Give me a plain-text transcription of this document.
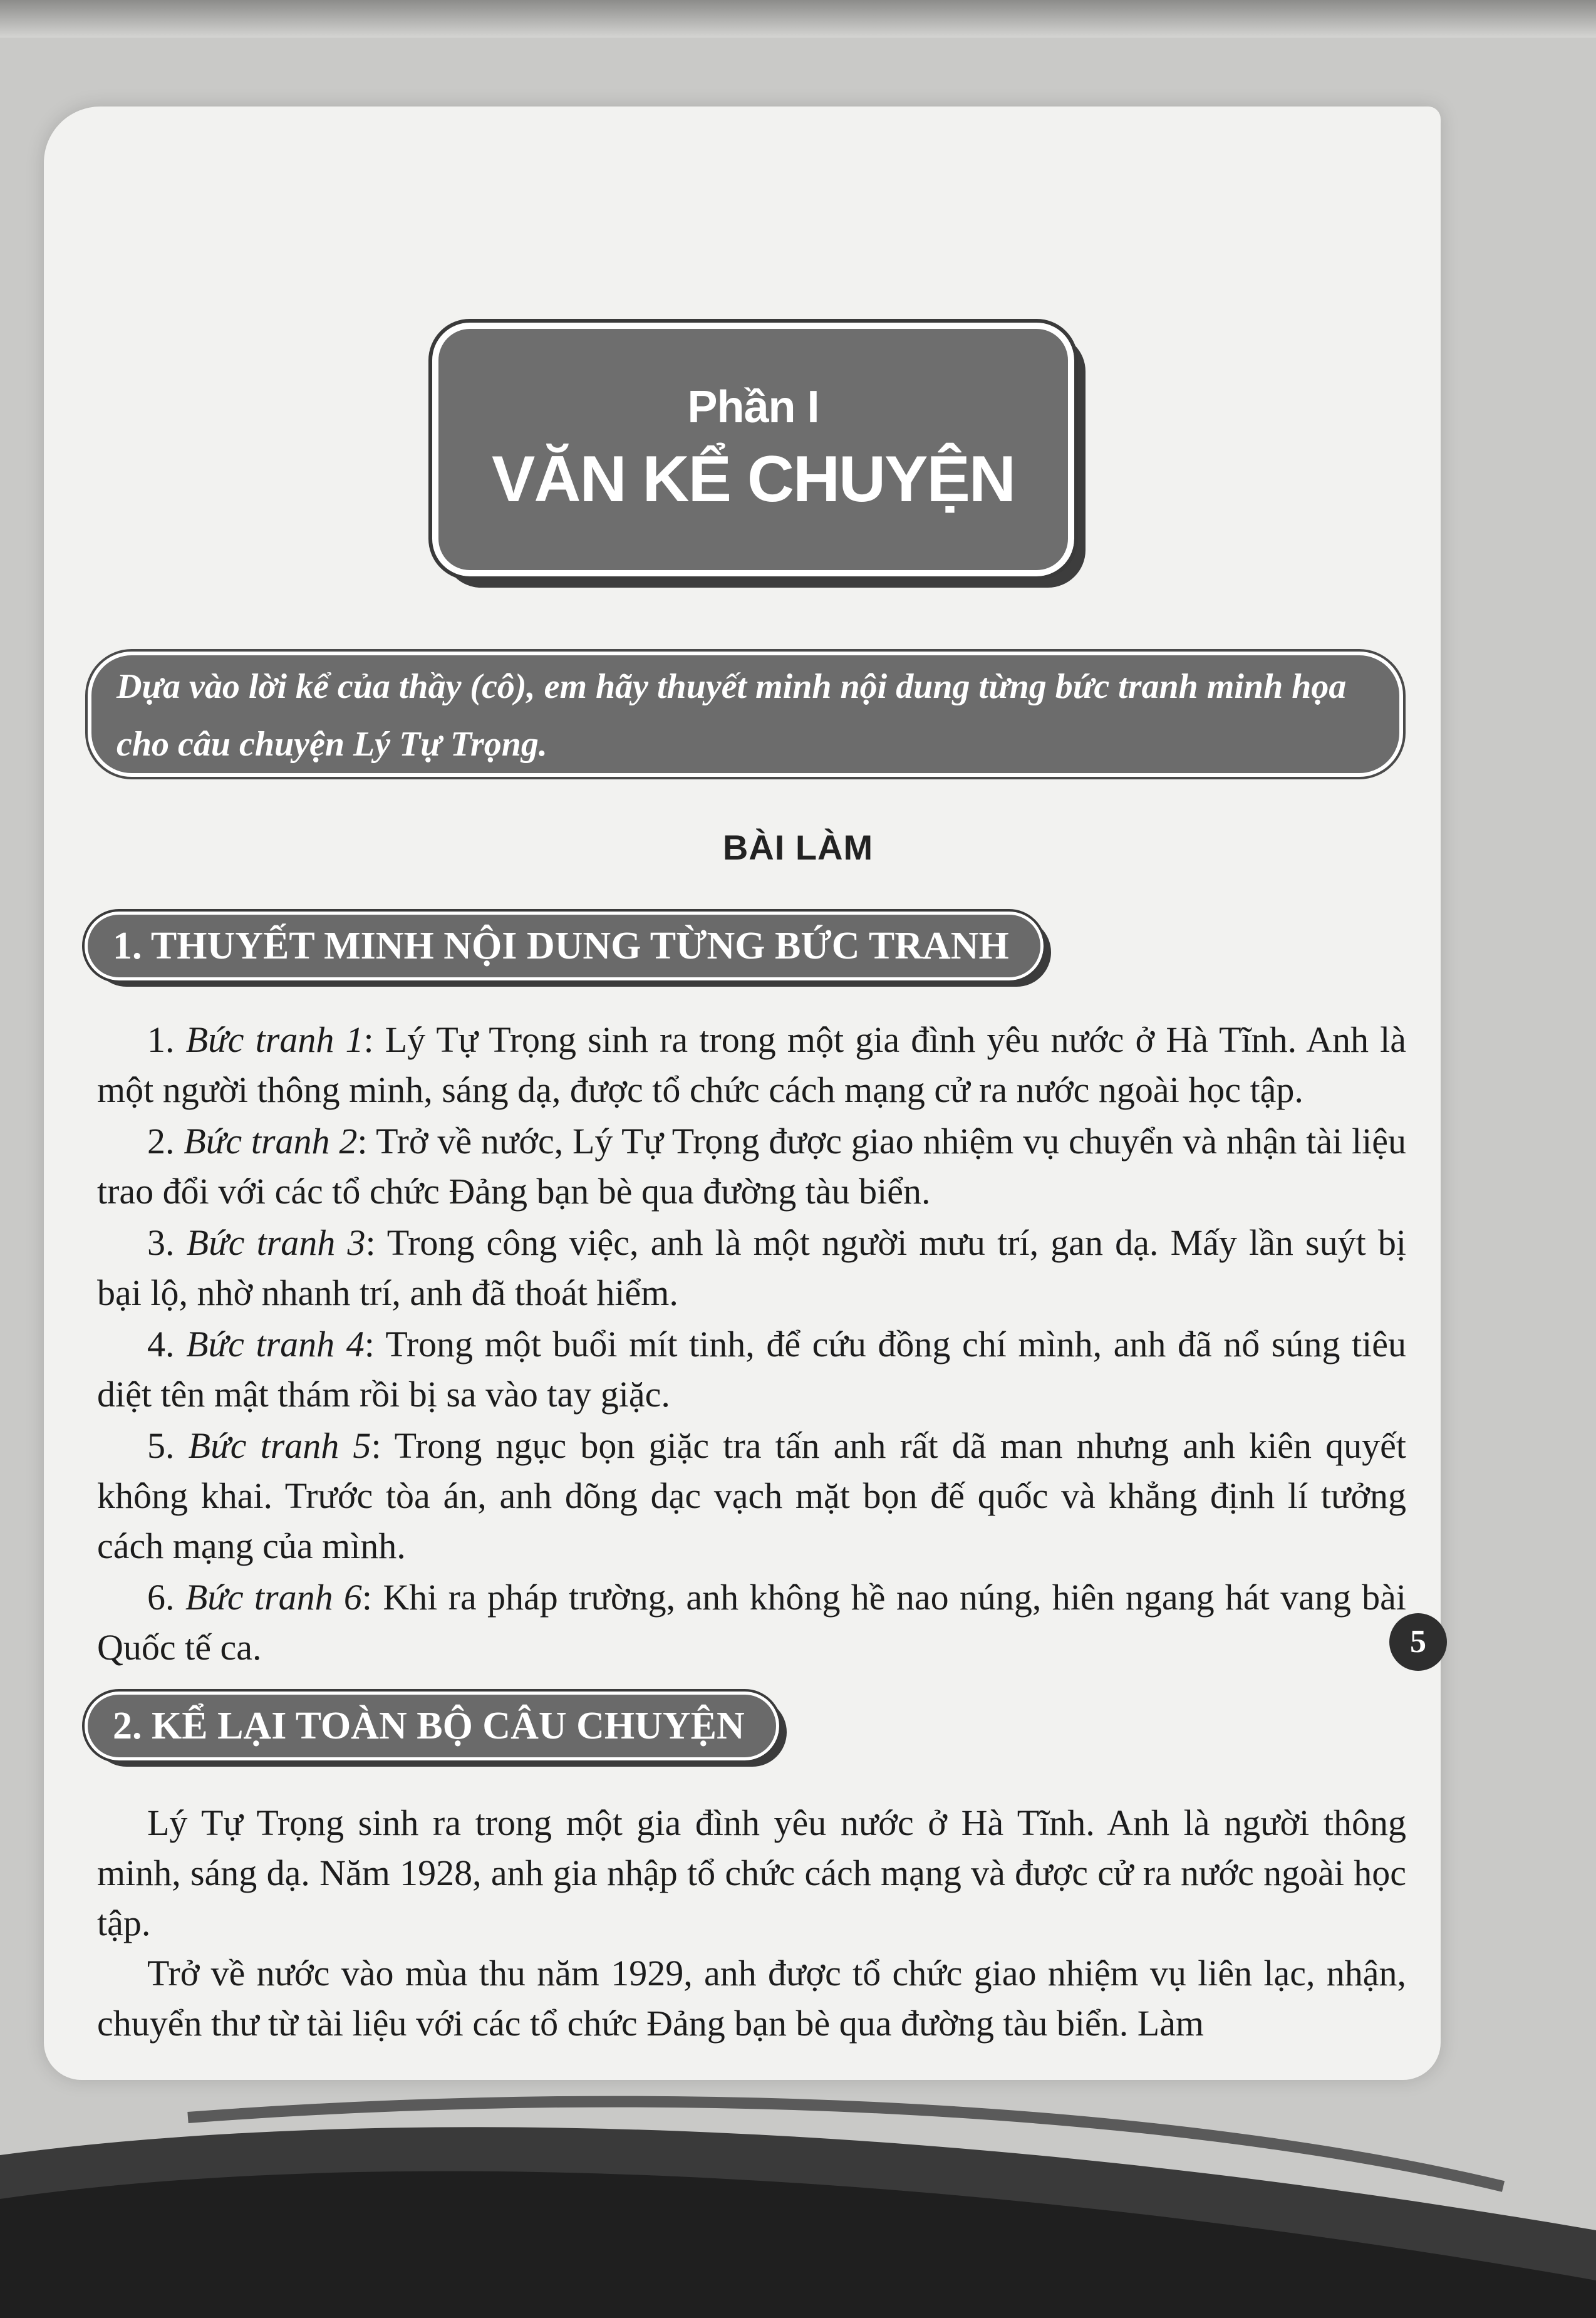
Phần I
VĂN KỂ CHUYỆN
Dựa vào lời kể của thầy (cô), em hãy thuyết minh nội dung từng bức tranh minh họa cho câu chuyện Lý Tự Trọng.
BÀI LÀM
1. THUYẾT MINH NỘI DUNG TỪNG BỨC TRANH

1. Bức tranh 1: Lý Tự Trọng sinh ra trong một gia đình yêu nước ở Hà Tĩnh. Anh là một người thông minh, sáng dạ, được tổ chức cách mạng cử ra nước ngoài học tập.

2. Bức tranh 2: Trở về nước, Lý Tự Trọng được giao nhiệm vụ chuyển và nhận tài liệu trao đổi với các tổ chức Đảng bạn bè qua đường tàu biển.

3. Bức tranh 3: Trong công việc, anh là một người mưu trí, gan dạ. Mấy lần suýt bị bại lộ, nhờ nhanh trí, anh đã thoát hiểm.

4. Bức tranh 4: Trong một buổi mít tinh, để cứu đồng chí mình, anh đã nổ súng tiêu diệt tên mật thám rồi bị sa vào tay giặc.

5. Bức tranh 5: Trong ngục bọn giặc tra tấn anh rất dã man nhưng anh kiên quyết không khai. Trước tòa án, anh dõng dạc vạch mặt bọn đế quốc và khẳng định lí tưởng cách mạng của mình.

6. Bức tranh 6: Khi ra pháp trường, anh không hề nao núng, hiên ngang hát vang bài Quốc tế ca.

2. KỂ LẠI TOÀN BỘ CÂU CHUYỆN

Lý Tự Trọng sinh ra trong một gia đình yêu nước ở Hà Tĩnh. Anh là người thông minh, sáng dạ. Năm 1928, anh gia nhập tổ chức cách mạng và được cử ra nước ngoài học tập.

Trở về nước vào mùa thu năm 1929, anh được tổ chức giao nhiệm vụ liên lạc, nhận, chuyển thư từ tài liệu với các tổ chức Đảng bạn bè qua đường tàu biển. Làm

5
